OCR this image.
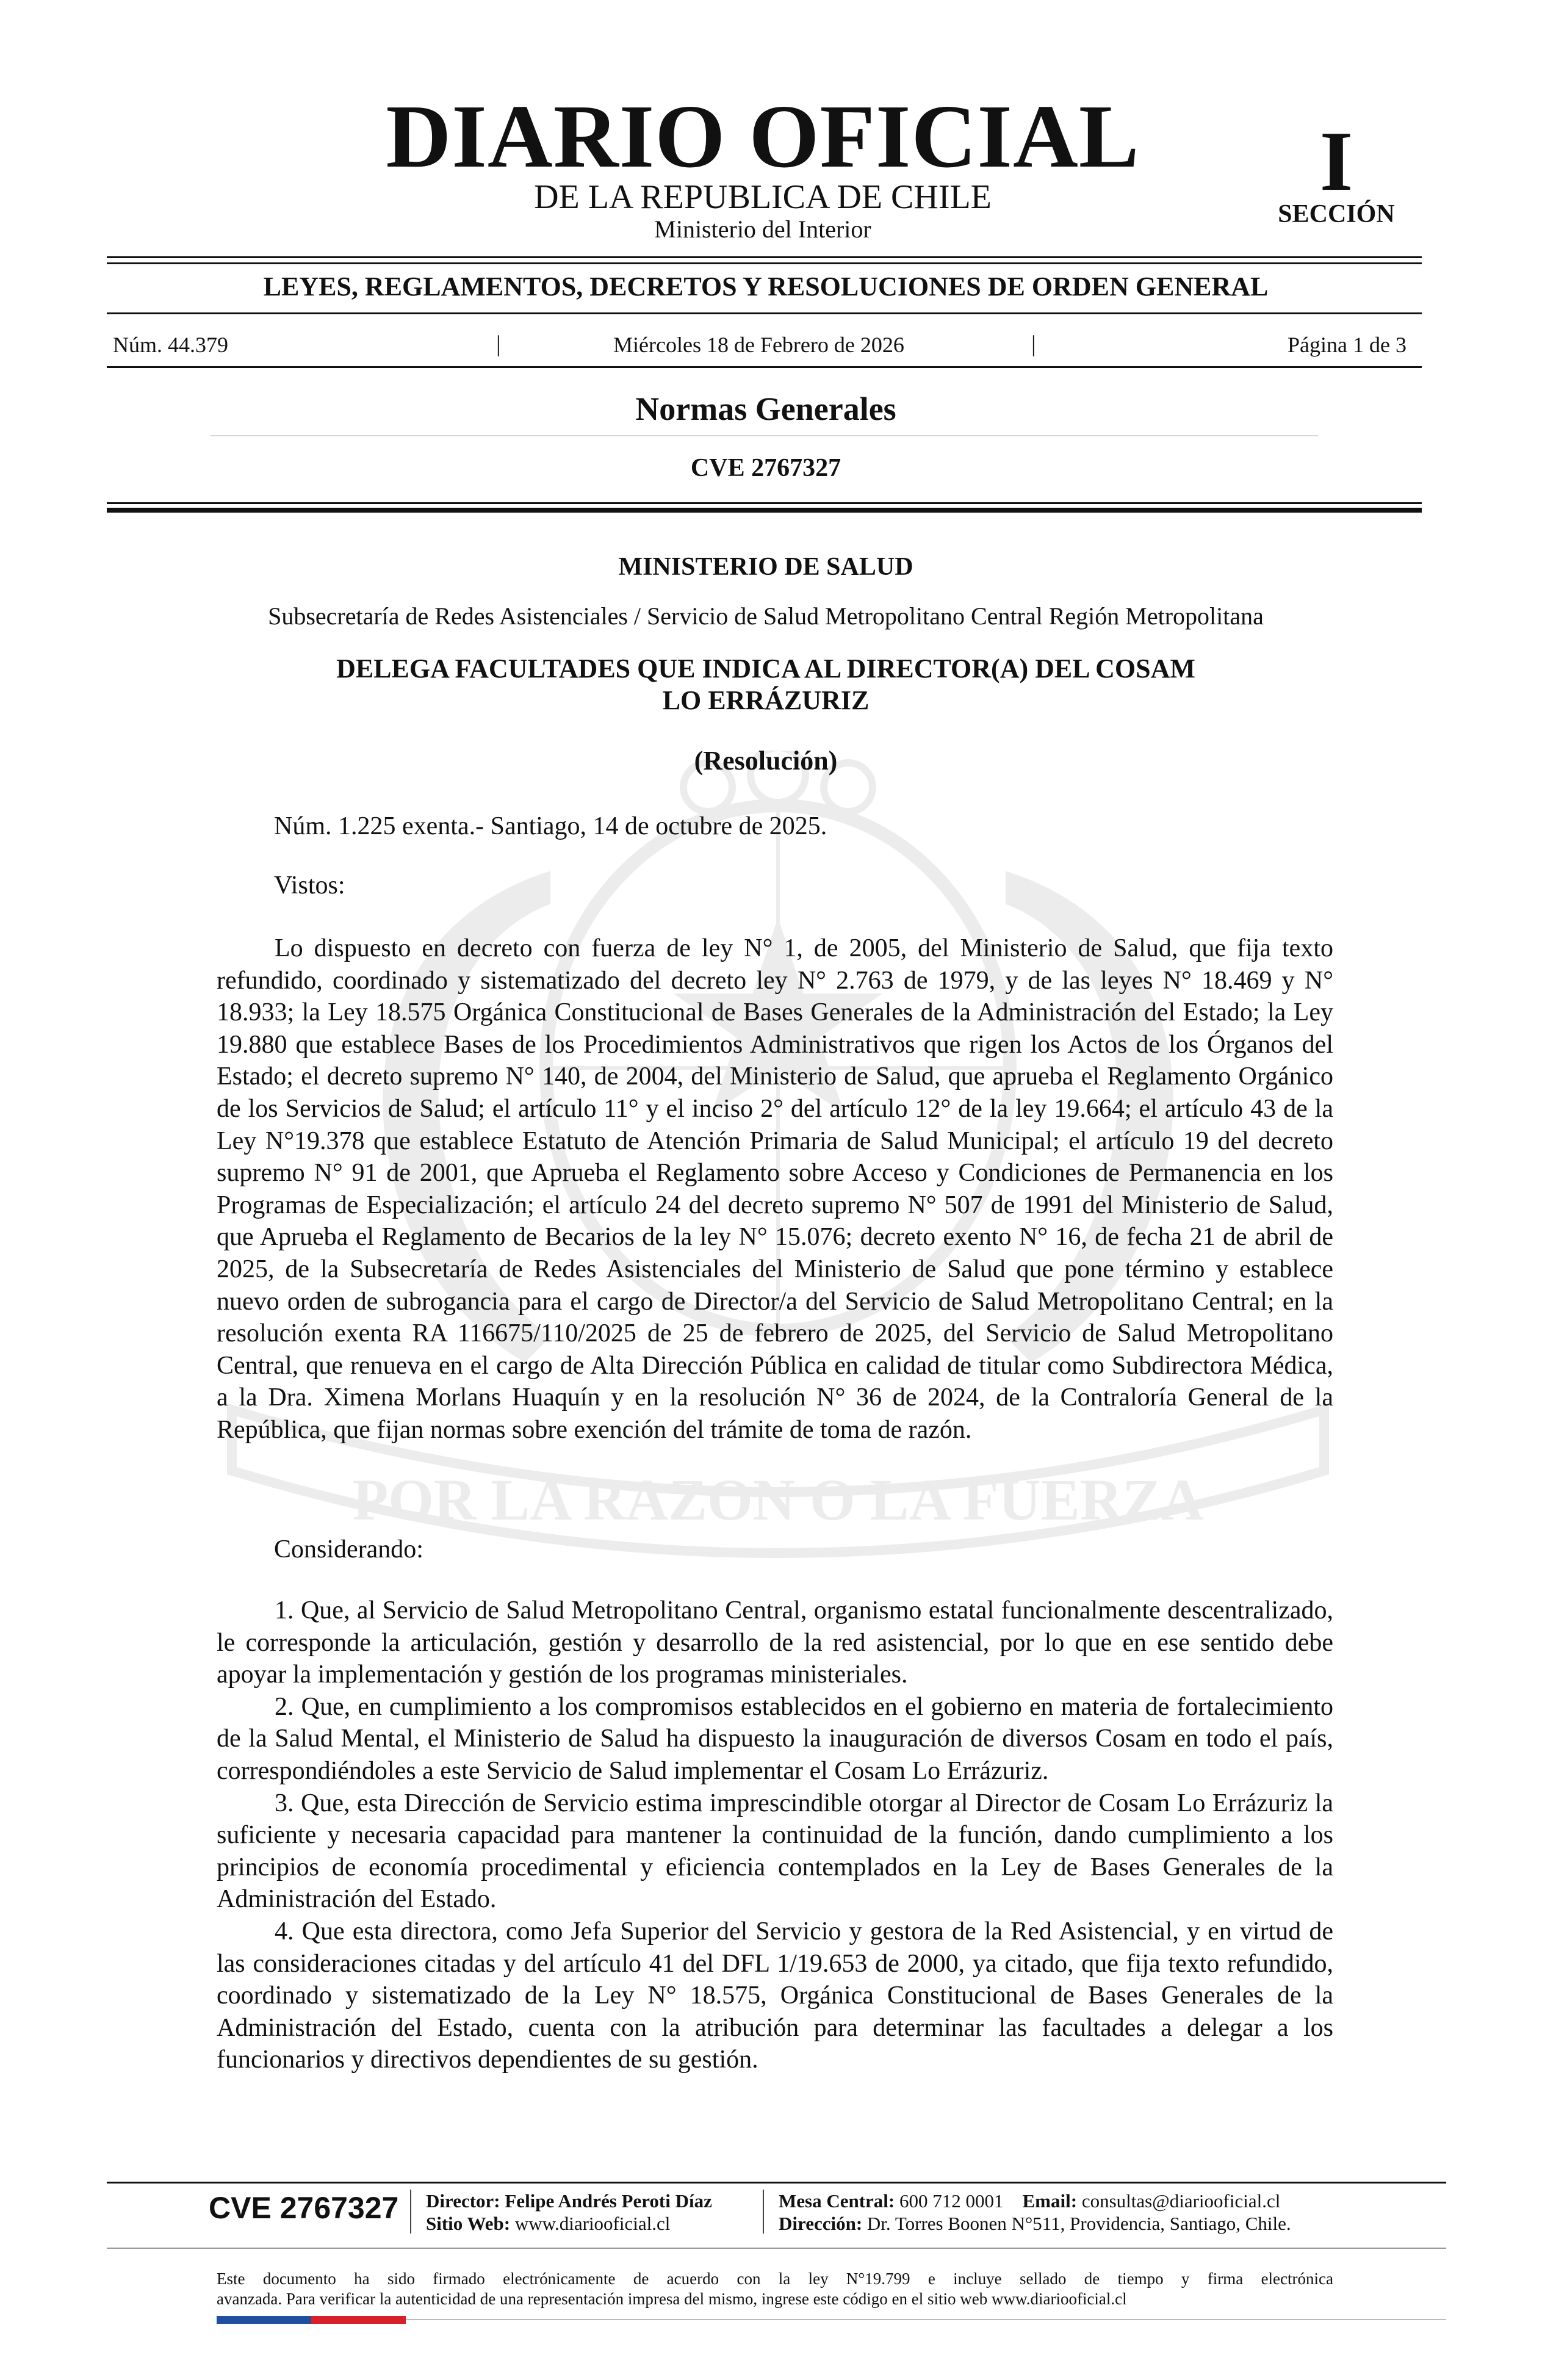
DIARIO OFICIAL
DE LA REPUBLICA DE CHILE
Ministerio del Interior
I
SECCIÓN
LEYES, REGLAMENTOS, DECRETOS Y RESOLUCIONES DE ORDEN GENERAL
Núm. 44.379	|	Miércoles 18 de Febrero de 2026	|	Página 1 de 3
Normas Generales
CVE 2767327
POR LA RAZON O LA FUERZA
MINISTERIO DE SALUD
Subsecretaría de Redes Asistenciales / Servicio de Salud Metropolitano Central Región Metropolitana
DELEGA FACULTADES QUE INDICA AL DIRECTOR(A) DEL COSAM
LO ERRÁZURIZ
(Resolución)
Núm. 1.225 exenta.- Santiago, 14 de octubre de 2025.
Vistos:

Lo dispuesto en decreto con fuerza de ley N° 1, de 2005, del Ministerio de Salud, que fija texto refundido, coordinado y sistematizado del decreto ley N° 2.763 de 1979, y de las leyes N° 18.469 y N° 18.933; la Ley 18.575 Orgánica Constitucional de Bases Generales de la Administración del Estado; la Ley 19.880 que establece Bases de los Procedimientos Administrativos que rigen los Actos de los Órganos del Estado; el decreto supremo N° 140, de 2004, del Ministerio de Salud, que aprueba el Reglamento Orgánico de los Servicios de Salud; el artículo 11° y el inciso 2° del artículo 12° de la ley 19.664; el artículo 43 de la Ley N°19.378 que establece Estatuto de Atención Primaria de Salud Municipal; el artículo 19 del decreto supremo N° 91 de 2001, que Aprueba el Reglamento sobre Acceso y Condiciones de Permanencia en los Programas de Especialización; el artículo 24 del decreto supremo N° 507 de 1991 del Ministerio de Salud, que Aprueba el Reglamento de Becarios de la ley N° 15.076; decreto exento N° 16, de fecha 21 de abril de 2025, de la Subsecretaría de Redes Asistenciales del Ministerio de Salud que pone término y establece nuevo orden de subrogancia para el cargo de Director/a del Servicio de Salud Metropolitano Central; en la resolución exenta RA 116675/110/2025 de 25 de febrero de 2025, del Servicio de Salud Metropolitano Central, que renueva en el cargo de Alta Dirección Pública en calidad de titular como Subdirectora Médica, a la Dra. Ximena Morlans Huaquín y en la resolución N° 36 de 2024, de la Contraloría General de la República, que fijan normas sobre exención del trámite de toma de razón.

Considerando:

1. Que, al Servicio de Salud Metropolitano Central, organismo estatal funcionalmente descentralizado, le corresponde la articulación, gestión y desarrollo de la red asistencial, por lo que en ese sentido debe apoyar la implementación y gestión de los programas ministeriales.

2. Que, en cumplimiento a los compromisos establecidos en el gobierno en materia de fortalecimiento de la Salud Mental, el Ministerio de Salud ha dispuesto la inauguración de diversos Cosam en todo el país, correspondiéndoles a este Servicio de Salud implementar el Cosam Lo Errázuriz.

3. Que, esta Dirección de Servicio estima imprescindible otorgar al Director de Cosam Lo Errázuriz la suficiente y necesaria capacidad para mantener la continuidad de la función, dando cumplimiento a los principios de economía procedimental y eficiencia contemplados en la Ley de Bases Generales de la Administración del Estado.

4. Que esta directora, como Jefa Superior del Servicio y gestora de la Red Asistencial, y en virtud de las consideraciones citadas y del artículo 41 del DFL 1/19.653 de 2000, ya citado, que fija texto refundido, coordinado y sistematizado de la Ley N° 18.575, Orgánica Constitucional de Bases Generales de la Administración del Estado, cuenta con la atribución para determinar las facultades a delegar a los funcionarios y directivos dependientes de su gestión.

CVE 2767327 Director: Felipe Andrés Peroti Díaz
Sitio Web: www.diariooficial.cl
Mesa Central: 600 712 0001 Email: consultas@diariooficial.cl
Dirección: Dr. Torres Boonen N°511, Providencia, Santiago, Chile.
Este documento ha sido firmado electrónicamente de acuerdo con la ley N°19.799 e incluye sellado de tiempo y firma electrónica
avanzada. Para verificar la autenticidad de una representación impresa del mismo, ingrese este código en el sitio web www.diariooficial.cl
